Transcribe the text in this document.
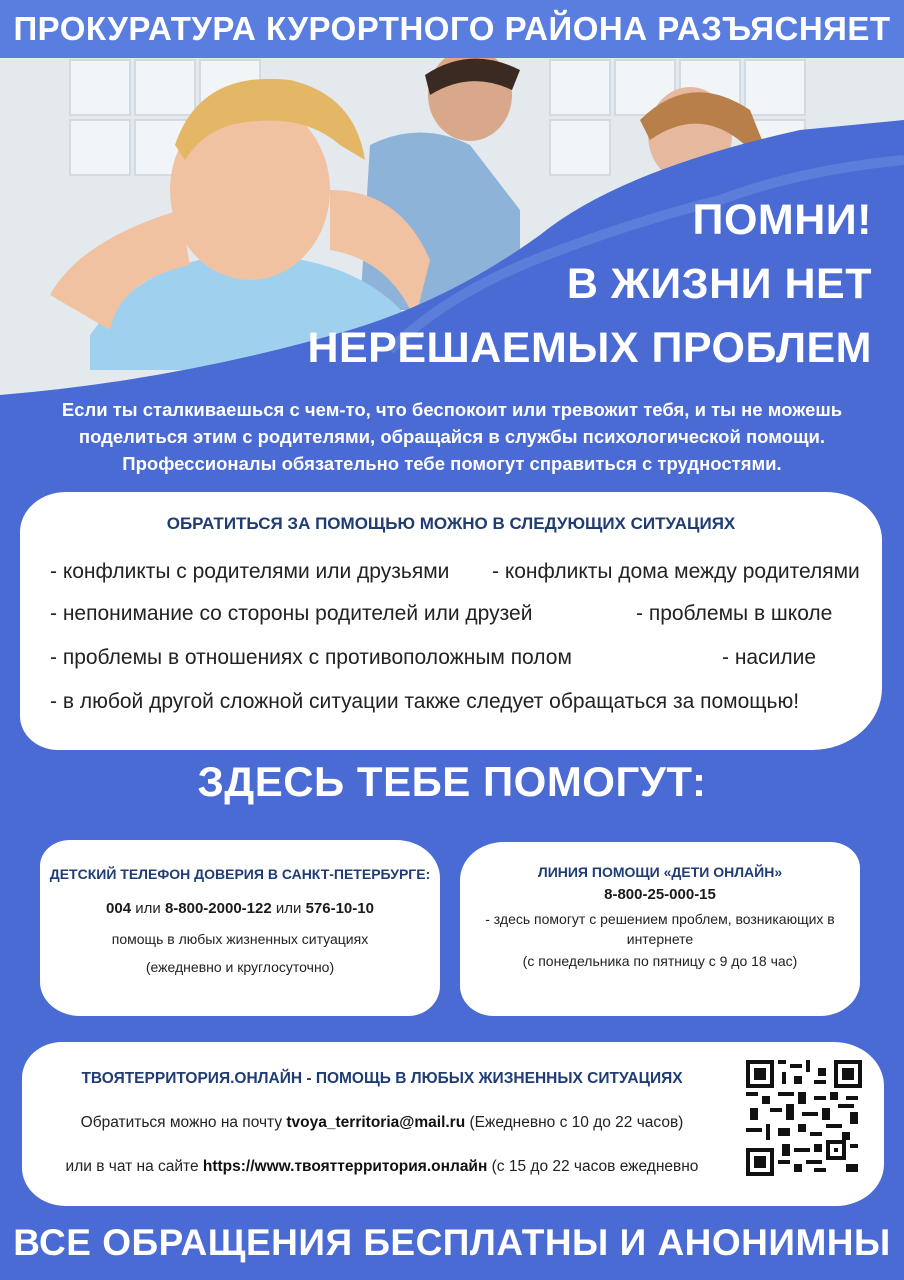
ПРОКУРАТУРА КУРОРТНОГО РАЙОНА РАЗЪЯСНЯЕТ
ПОМНИ!
В ЖИЗНИ НЕТ
НЕРЕШАЕМЫХ ПРОБЛЕМ
Если ты сталкиваешься с чем-то, что беспокоит или тревожит тебя, и ты не можешь
поделиться этим с родителями, обращайся в службы психологической помощи.
Профессионалы обязательно тебе помогут справиться с трудностями.
ОБРАТИТЬСЯ ЗА ПОМОЩЬЮ МОЖНО В СЛЕДУЮЩИХ СИТУАЦИЯХ
- конфликты с родителями или друзьями - конфликты дома между родителями
- непонимание со стороны родителей или друзей	- проблемы в школе
- проблемы в отношениях с противоположным полом	- насилие
- в любой другой сложной ситуации также следует обращаться за помощью!
ЗДЕСЬ ТЕБЕ ПОМОГУТ:
ДЕТСКИЙ ТЕЛЕФОН ДОВЕРИЯ В САНКТ-ПЕТЕРБУРГЕ:
004 или 8-800-2000-122 или 576-10-10
помощь в любых жизненных ситуациях
(ежедневно и круглосуточно)
ЛИНИЯ ПОМОЩИ «ДЕТИ ОНЛАЙН»
8-800-25-000-15
- здесь помогут с решением проблем, возникающих в интернете
(с понедельника по пятницу с 9 до 18 час)
ТВОЯТЕРРИТОРИЯ.ОНЛАЙН - ПОМОЩЬ В ЛЮБЫХ ЖИЗНЕННЫХ СИТУАЦИЯХ
Обратиться можно на почту tvoya_territoria@mail.ru (Ежедневно с 10 до 22 часов)
или в чат на сайте https://www.твояттерритория.онлайн (с 15 до 22 часов ежедневно
ВСЕ ОБРАЩЕНИЯ БЕСПЛАТНЫ И АНОНИМНЫ
